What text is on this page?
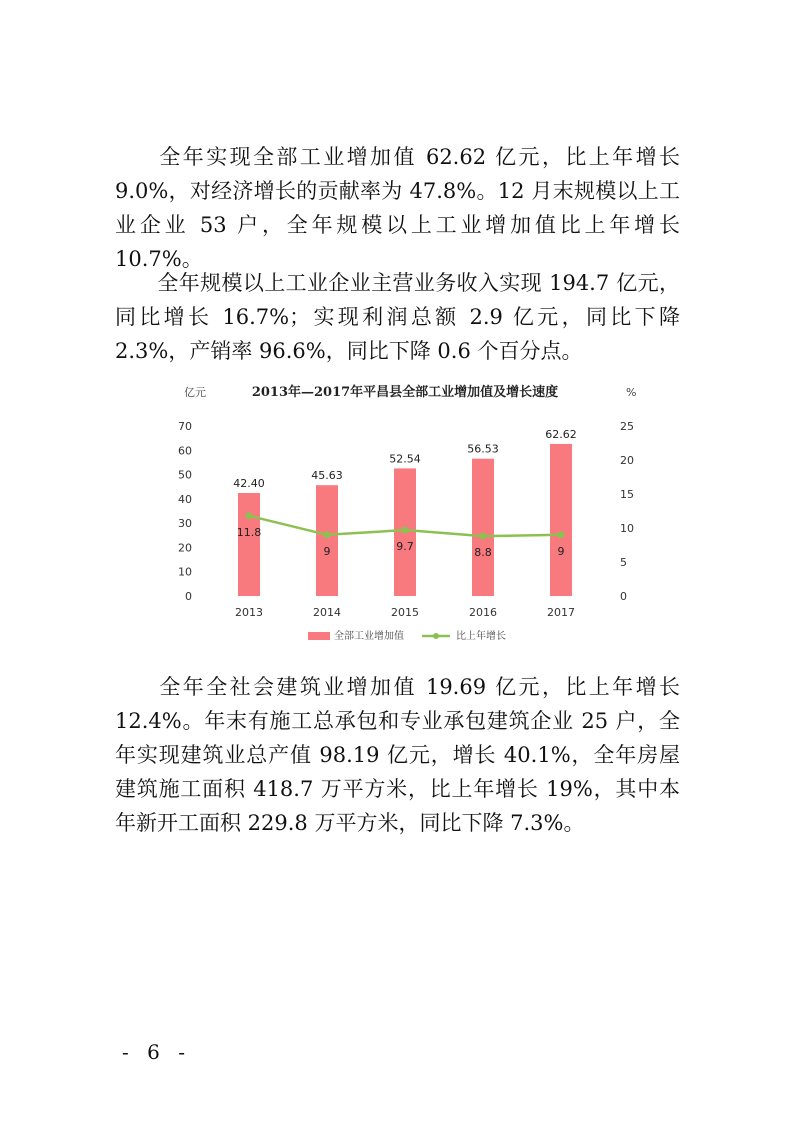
全年实现全部工业增加值 62.62 亿元，比上年增长 9.0%，对经济增长的贡献率为 47.8%。12 月末规模以上工业企业 53 户，全年规模以上工业增加值比上年增长 10.7%。

全年规模以上工业企业主营业务收入实现 194.7 亿元，同比增长 16.7%；实现利润总额 2.9 亿元，同比下降 2.3%，产销率 96.6%，同比下降 0.6 个百分点。

2013年—2017年平昌县全部工业增加值及增长速度
亿元	%
0
10
20
30
40
50
60
70
0
5
10
15
20
25
42.40
45.63
52.54
56.53
62.62
2013	2014	2015	2016	2017
11.8
9	9.7	8.8	9
全部工业增加值	比上年增长

全年全社会建筑业增加值 19.69 亿元，比上年增长 12.4%。年末有施工总承包和专业承包建筑企业 25 户，全年实现建筑业总产值 98.19 亿元，增长 40.1%，全年房屋建筑施工面积 418.7 万平方米，比上年增长 19%，其中本年新开工面积 229.8 万平方米，同比下降 7.3%。

- 6 -
